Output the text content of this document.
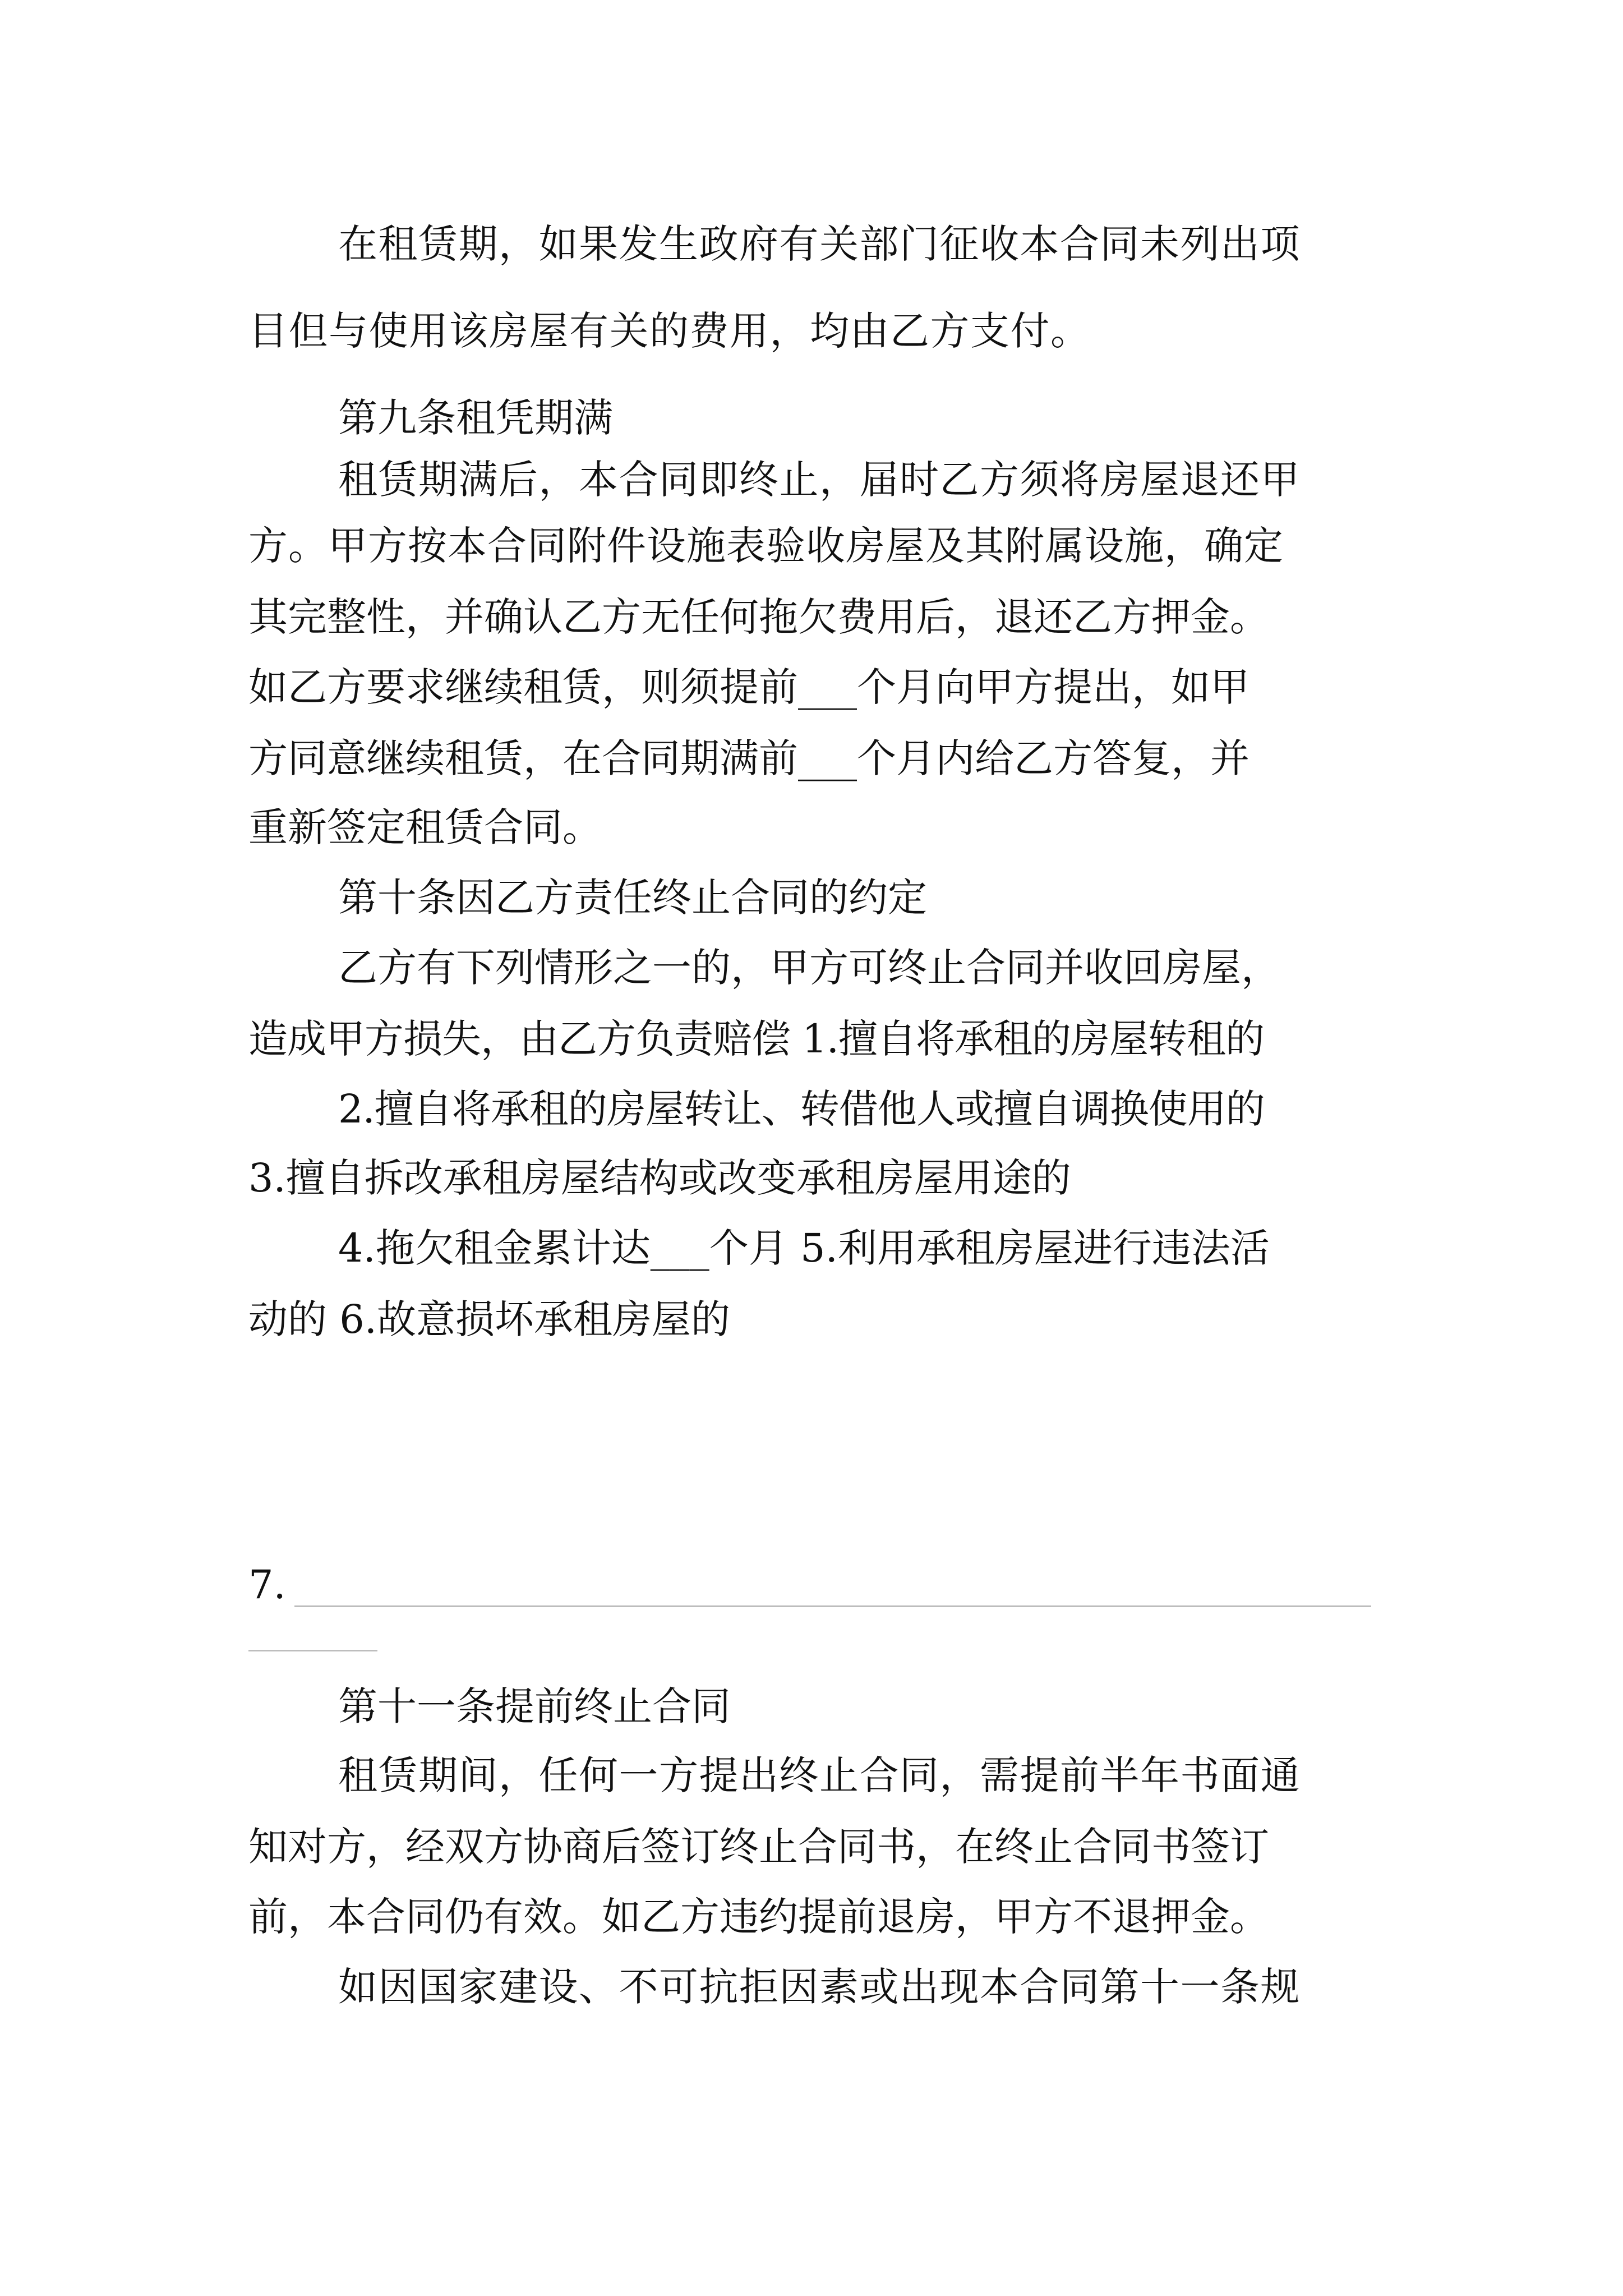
在租赁期，如果发生政府有关部门征收本合同未列出项
目但与使用该房屋有关的费用，均由乙方支付。
第九条租凭期满
租赁期满后，本合同即终止，届时乙方须将房屋退还甲
方。甲方按本合同附件设施表验收房屋及其附属设施，确定
其完整性，并确认乙方无任何拖欠费用后，退还乙方押金。
如乙方要求继续租赁，则须提前___个月向甲方提出，如甲
方同意继续租赁，在合同期满前___个月内给乙方答复，并
重新签定租赁合同。
第十条因乙方责任终止合同的约定
乙方有下列情形之一的，甲方可终止合同并收回房屋，
造成甲方损失，由乙方负责赔偿 1.擅自将承租的房屋转租的
2.擅自将承租的房屋转让、转借他人或擅自调换使用的
3.擅自拆改承租房屋结构或改变承租房屋用途的
4.拖欠租金累计达___个月 5.利用承租房屋进行违法活
动的 6.故意损坏承租房屋的
7.
第十一条提前终止合同
租赁期间，任何一方提出终止合同，需提前半年书面通
知对方，经双方协商后签订终止合同书，在终止合同书签订
前，本合同仍有效。如乙方违约提前退房，甲方不退押金。
如因国家建设、不可抗拒因素或出现本合同第十一条规
